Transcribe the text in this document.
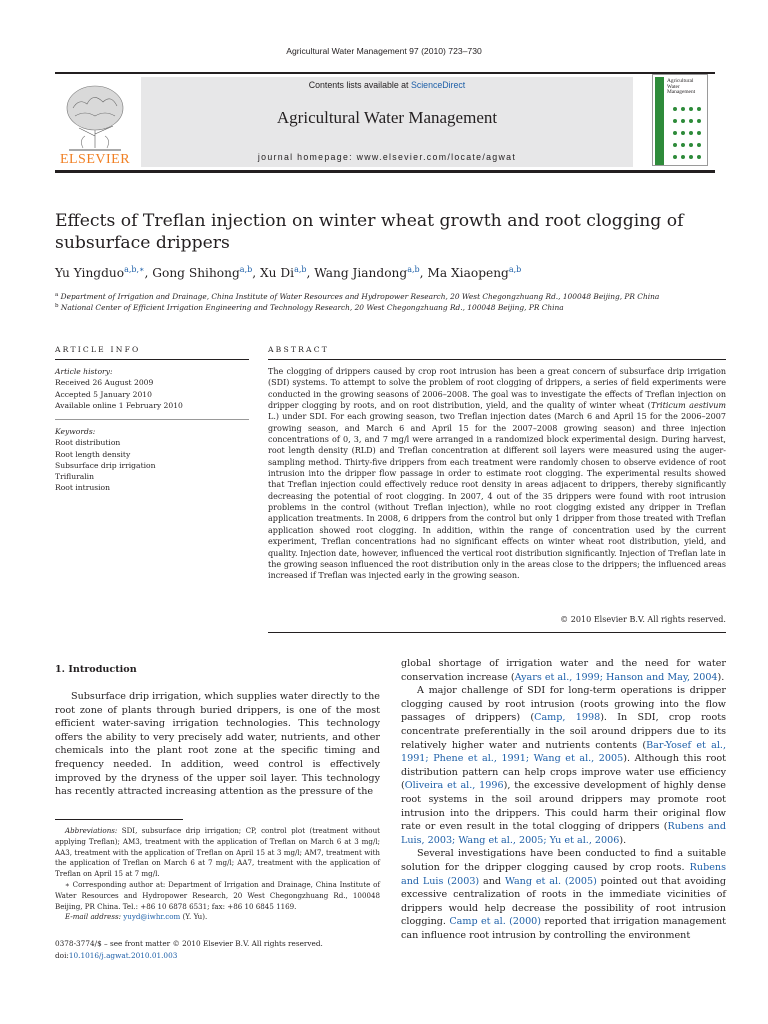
Agricultural Water Management 97 (2010) 723–730
Contents lists available at ScienceDirect
Agricultural Water Management
journal homepage: www.elsevier.com/locate/agwat
ELSEVIER
Agricultural
Water Management
Effects of Treflan injection on winter wheat growth and root clogging of
subsurface drippers
Yu Yingduo$^{a,b,∗}$, Gong Shihong$^{a,b}$, Xu Di$^{a,b}$, Wang Jiandong$^{a,b}$, Ma Xiaopeng$^{a,b}$
$^a$ Department of Irrigation and Drainage, China Institute of Water Resources and Hydropower Research, 20 West Chegongzhuang Rd., 100048 Beijing, PR China
$^b$ National Center of Efficient Irrigation Engineering and Technology Research, 20 West Chegongzhuang Rd., 100048 Beijing, PR China
ARTICLE INFO	ABSTRACT
Article history:
Received 26 August 2009
Accepted 5 January 2010
Available online 1 February 2010
Keywords:
Root distribution
Root length density
Subsurface drip irrigation
Trifluralin
Root intrusion
The clogging of drippers caused by crop root intrusion has been a great concern of subsurface drip irrigation (SDI) systems. To attempt to solve the problem of root clogging of drippers, a series of field experiments were conducted in the growing seasons of 2006–2008. The goal was to investigate the effects of Treflan injection on dripper clogging by roots, and on root distribution, yield, and the quality of winter wheat (Triticum aestivum L.) under SDI. For each growing season, two Treflan injection dates (March 6 and April 15 for the 2006–2007 growing season, and March 6 and April 15 for the 2007–2008 growing season) and three injection concentrations of 0, 3, and 7 mg/l were arranged in a randomized block experimental design. During harvest, root length density (RLD) and Treflan concentration at different soil layers were measured using the auger-sampling method. Thirty-five drippers from each treatment were randomly chosen to observe evidence of root intrusion into the dripper flow passage in order to estimate root clogging. The experimental results showed that Treflan injection could effectively reduce root density in areas adjacent to drippers, thereby significantly decreasing the potential of root clogging. In 2007, 4 out of the 35 drippers were found with root intrusion problems in the control (without Treflan injection), while no root clogging existed any dripper in Treflan application treatments. In 2008, 6 drippers from the control but only 1 dripper from those treated with Treflan application showed root clogging. In addition, within the range of concentration used by the current experiment, Treflan concentrations had no significant effects on winter wheat root distribution, yield, and quality. Injection date, however, influenced the vertical root distribution significantly. Injection of Treflan late in the growing season influenced the root distribution only in the areas close to the drippers; the influenced areas increased if Treflan was injected early in the growing season.
© 2010 Elsevier B.V. All rights reserved.
1. Introduction
Subsurface drip irrigation, which supplies water directly to the root zone of plants through buried drippers, is one of the most efficient water-saving irrigation technologies. This technology offers the ability to very precisely add water, nutrients, and other chemicals into the plant root zone at the specific timing and frequency needed. In addition, weed control is effectively improved by the dryness of the upper soil layer. This technology has recently attracted increasing attention as the pressure of the
Abbreviations: SDI, subsurface drip irrigation; CP, control plot (treatment without applying Treflan); AM3, treatment with the application of Treflan on March 6 at 3 mg/l; AA3, treatment with the application of Treflan on April 15 at 3 mg/l; AM7, treatment with the application of Treflan on March 6 at 7 mg/l; AA7, treatment with the application of Treflan on April 15 at 7 mg/l.
∗ Corresponding author at: Department of Irrigation and Drainage, China Institute of Water Resources and Hydropower Research, 20 West Chegongzhuang Rd., 100048 Beijing, PR China. Tel.: +86 10 6878 6531; fax: +86 10 6845 1169.
E-mail address: yuyd@iwhr.com (Y. Yu).
0378-3774/$ – see front matter © 2010 Elsevier B.V. All rights reserved.
doi:10.1016/j.agwat.2010.01.003
global shortage of irrigation water and the need for water conservation increase (Ayars et al., 1999; Hanson and May, 2004).
A major challenge of SDI for long-term operations is dripper clogging caused by root intrusion (roots growing into the flow passages of drippers) (Camp, 1998). In SDI, crop roots concentrate preferentially in the soil around drippers due to its relatively higher water and nutrients contents (Bar-Yosef et al., 1991; Phene et al., 1991; Wang et al., 2005). Although this root distribution pattern can help crops improve water use efficiency (Oliveira et al., 1996), the excessive development of highly dense root systems in the soil around drippers may promote root intrusion into the drippers. This could harm their original flow rate or even result in the total clogging of drippers (Rubens and Luis, 2003; Wang et al., 2005; Yu et al., 2006).
Several investigations have been conducted to find a suitable solution for the dripper clogging caused by crop roots. Rubens and Luis (2003) and Wang et al. (2005) pointed out that avoiding excessive centralization of roots in the immediate vicinities of drippers would help decrease the possibility of root intrusion clogging. Camp et al. (2000) reported that irrigation management can influence root intrusion by controlling the environment
